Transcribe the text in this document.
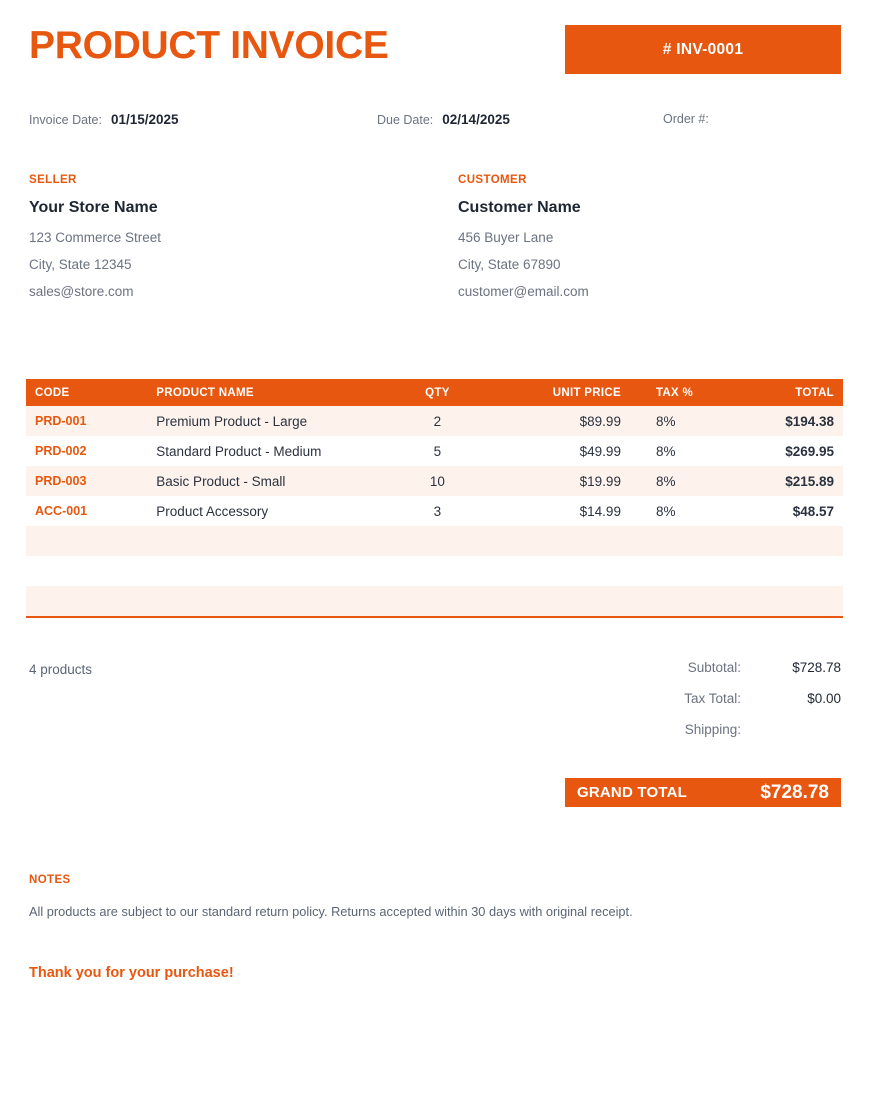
PRODUCT INVOICE	# INV-0001
Invoice Date: 01/15/2025	Due Date: 02/14/2025	Order #:
SELLER
Your Store Name
123 Commerce Street
City, State 12345
sales@store.com
CUSTOMER
Customer Name
456 Buyer Lane
City, State 67890
customer@email.com
CODE	PRODUCT NAME	QTY	UNIT PRICE	TAX %	TOTAL
PRD-001	Premium Product - Large	2	$89.99	8%	$194.38
PRD-002	Standard Product - Medium	5	$49.99	8%	$269.95
PRD-003	Basic Product - Small	10	$19.99	8%	$215.89
ACC-001	Product Accessory	3	$14.99	8%	$48.57

4 products	Subtotal:	$728.78
Tax Total:	$0.00
Shipping:
GRAND TOTAL	$728.78
NOTES
All products are subject to our standard return policy. Returns accepted within 30 days with original receipt.
Thank you for your purchase!
